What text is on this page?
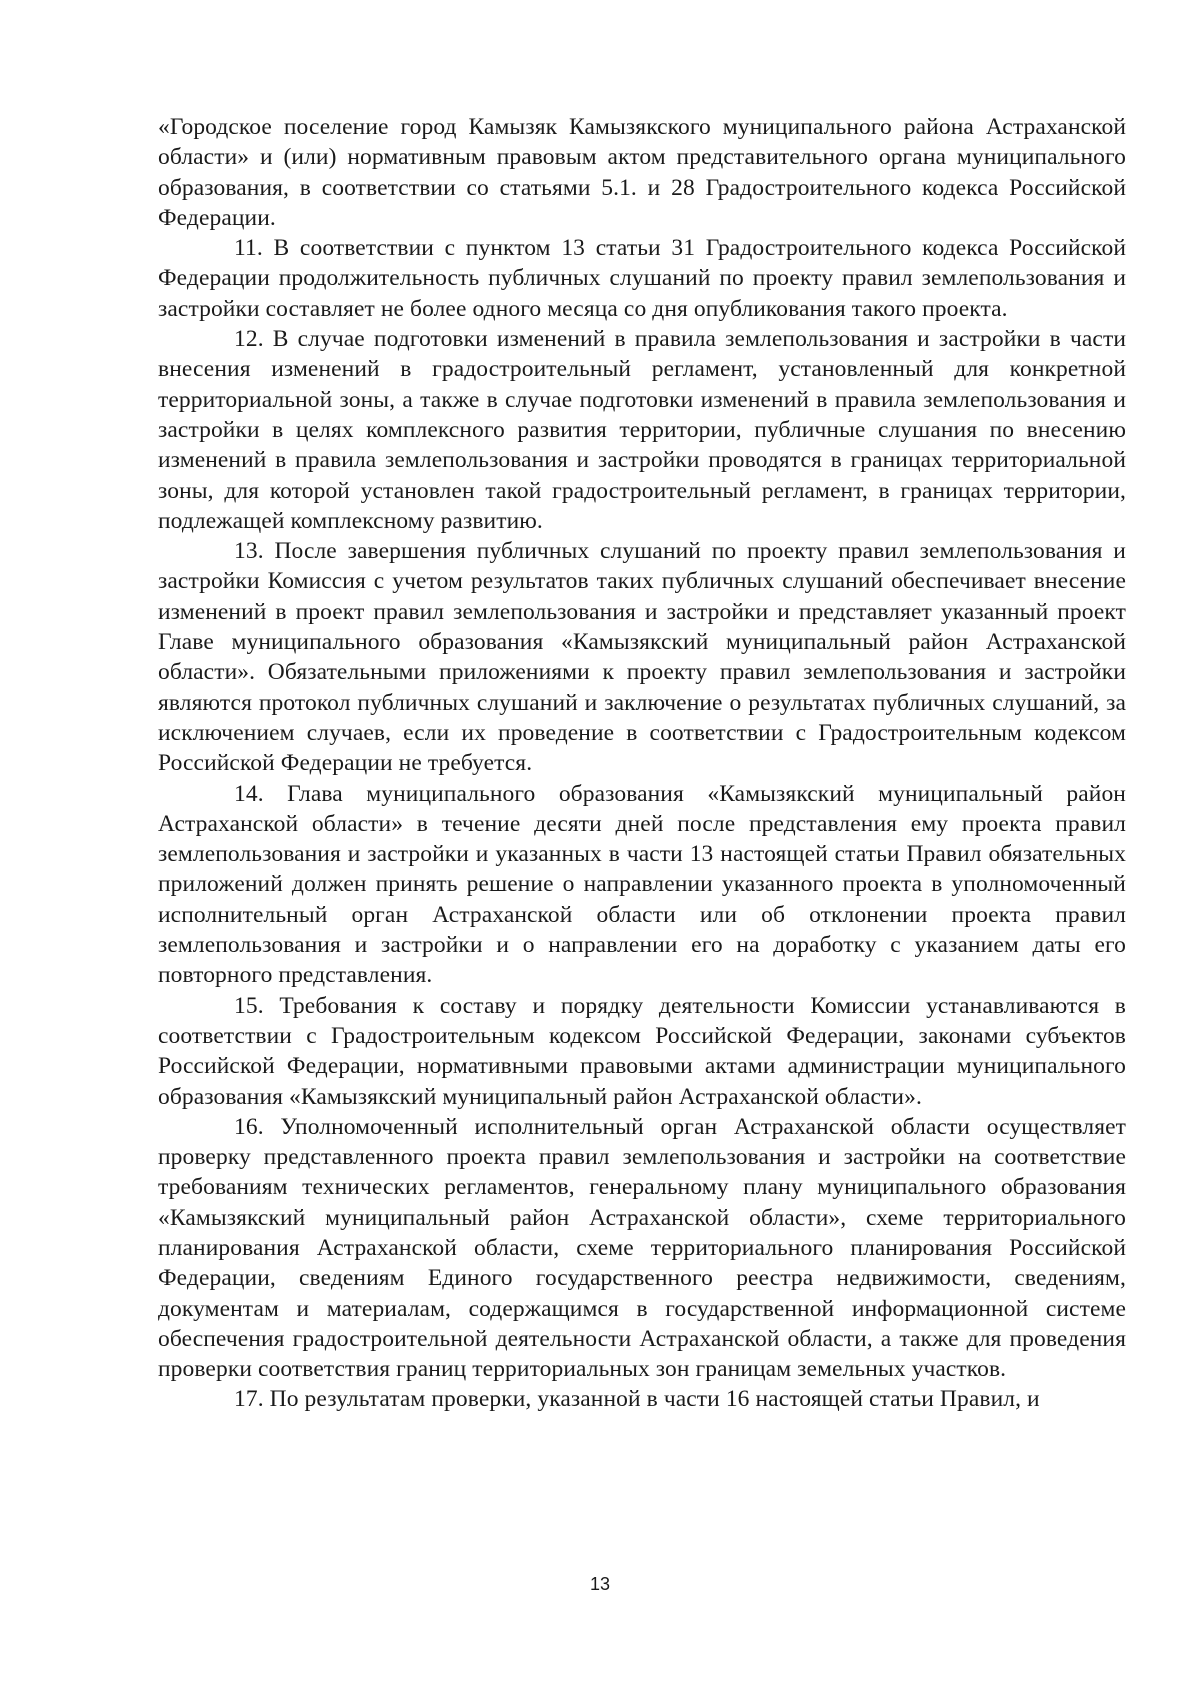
«Городское поселение город Камызяк Камызякского муниципального района Астраханской области» и (или) нормативным правовым актом представительного органа муниципального образования, в соответствии со статьями 5.1. и 28 Градостроительного кодекса Российской Федерации.

11. В соответствии с пунктом 13 статьи 31 Градостроительного кодекса Российской Федерации продолжительность публичных слушаний по проекту правил землепользования и застройки составляет не более одного месяца со дня опубликования такого проекта.

12. В случае подготовки изменений в правила землепользования и застройки в части внесения изменений в градостроительный регламент, установленный для конкретной территориальной зоны, а также в случае подготовки изменений в правила землепользования и застройки в целях комплексного развития территории, публичные слушания по внесению изменений в правила землепользования и застройки проводятся в границах территориальной зоны, для которой установлен такой градостроительный регламент, в границах территории, подлежащей комплексному развитию.

13. После завершения публичных слушаний по проекту правил землепользования и застройки Комиссия с учетом результатов таких публичных слушаний обеспечивает внесение изменений в проект правил землепользования и застройки и представляет указанный проект Главе муниципального образования «Камызякский муниципальный район Астраханской области». Обязательными приложениями к проекту правил землепользования и застройки являются протокол публичных слушаний и заключение о результатах публичных слушаний, за исключением случаев, если их проведение в соответствии с Градостроительным кодексом Российской Федерации не требуется.

14. Глава муниципального образования «Камызякский муниципальный район Астраханской области» в течение десяти дней после представления ему проекта правил землепользования и застройки и указанных в части 13 настоящей статьи Правил обязательных приложений должен принять решение о направлении указанного проекта в уполномоченный исполнительный орган Астраханской области или об отклонении проекта правил землепользования и застройки и о направлении его на доработку с указанием даты его повторного представления.

15. Требования к составу и порядку деятельности Комиссии устанавливаются в соответствии с Градостроительным кодексом Российской Федерации, законами субъектов Российской Федерации, нормативными правовыми актами администрации муниципального образования «Камызякский муниципальный район Астраханской области».

16. Уполномоченный исполнительный орган Астраханской области осуществляет проверку представленного проекта правил землепользования и застройки на соответствие требованиям технических регламентов, генеральному плану муниципального образования «Камызякский муниципальный район Астраханской области», схеме территориального планирования Астраханской области, схеме территориального планирования Российской Федерации, сведениям Единого государственного реестра недвижимости, сведениям, документам и материалам, содержащимся в государственной информационной системе обеспечения градостроительной деятельности Астраханской области, а также для проведения проверки соответствия границ территориальных зон границам земельных участков.

17. По результатам проверки, указанной в части 16 настоящей статьи Правил, и

13
